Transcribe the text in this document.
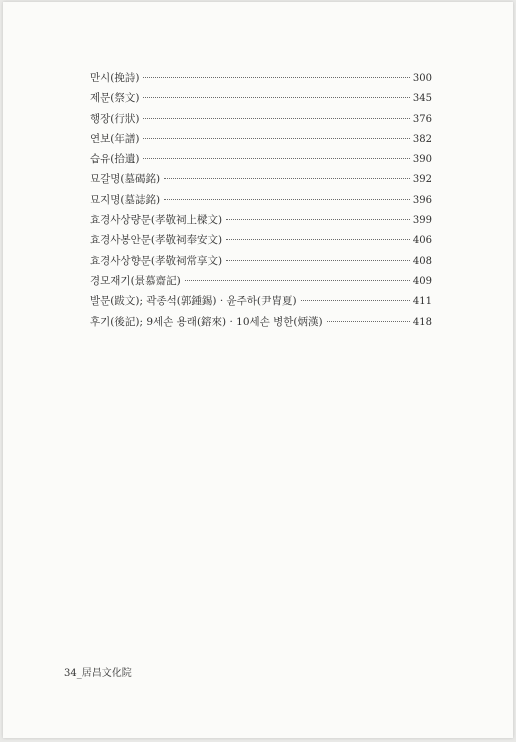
만시(挽詩)	300
제문(祭文)	345
행장(行狀)	376
연보(年譜)	382
습유(拾遺)	390
묘갈명(墓碣銘)	392
묘지명(墓誌銘)	396
효경사상량문(孝敬祠上樑文)	399
효경사봉안문(孝敬祠奉安文)	406
효경사상향문(孝敬祠常享文)	408
경모재기(景慕齋記)	409
발문(跋文); 곽종석(郭鍾錫) · 윤주하(尹胄夏)	411
후기(後記); 9세손 용래(鎔來) · 10세손 병한(炳漢)	418
34_居昌文化院
